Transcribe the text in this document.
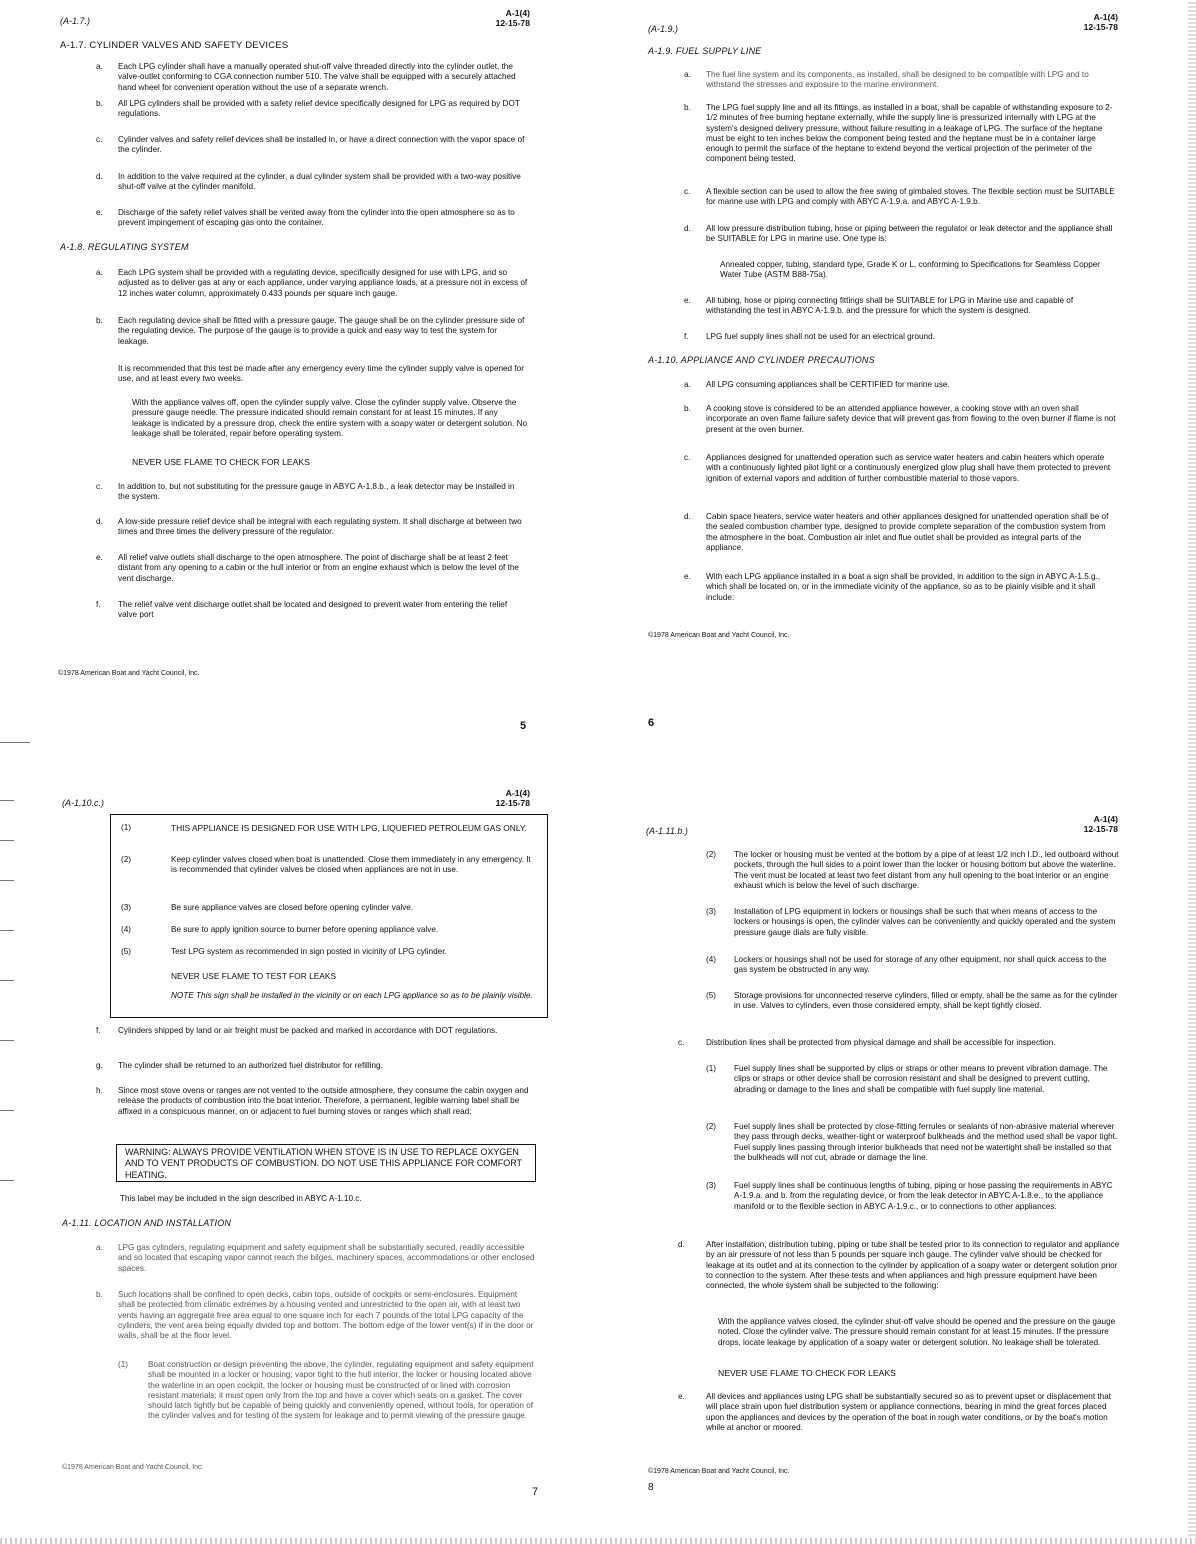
(A-1.7.)
A-1(4)
12-15-78
A-1.7. CYLINDER VALVES AND SAFETY DEVICES
a.	Each LPG cylinder shall have a manually operated shut-off valve threaded directly into the cylinder outlet, the valve-outlet conforming to CGA connection number 510. The valve shall be equipped with a securely attached hand wheel for convenient operation without the use of a separate wrench.
b.	All LPG cylinders shall be provided with a safety relief device specifically designed for LPG as required by DOT regulations.
c.	Cylinder valves and safety relief devices shall be installed in, or have a direct connection with the vapor space of the cylinder.
d.	In addition to the valve required at the cylinder, a dual cylinder system shall be provided with a two-way positive shut-off valve at the cylinder manifold.
e.	Discharge of the safety relief valves shall be vented away from the cylinder into the open atmosphere so as to prevent impingement of escaping gas onto the container.
A-1.8. REGULATING SYSTEM
a.	Each LPG system shall be provided with a regulating device, specifically designed for use with LPG, and so adjusted as to deliver gas at any or each appliance, under varying appliance loads, at a pressure not in excess of 12 inches water column, approximately 0.433 pounds per square inch gauge.
b.	Each regulating device shall be fitted with a pressure gauge. The gauge shall be on the cylinder pressure side of the regulating device. The purpose of the gauge is to provide a quick and easy way to test the system for leakage.
It is recommended that this test be made after any emergency every time the cylinder supply valve is opened for use, and at least every two weeks.
With the appliance valves off, open the cylinder supply valve. Close the cylinder supply valve. Observe the pressure gauge needle. The pressure indicated should remain constant for at least 15 minutes. If any leakage is indicated by a pressure drop, check the entire system with a soapy water or detergent solution. No leakage shall be tolerated, repair before operating system.
NEVER USE FLAME TO CHECK FOR LEAKS
c.	In addition to, but not substituting for the pressure gauge in ABYC A-1.8.b., a leak detector may be installed in the system.
d.	A low-side pressure relief device shall be integral with each regulating system. It shall discharge at between two times and three times the delivery pressure of the regulator.
e.	All relief valve outlets shall discharge to the open atmosphere. The point of discharge shall be at least 2 feet distant from any opening to a cabin or the hull interior or from an engine exhaust which is below the level of the vent discharge.
f.	The relief valve vent discharge outlet shall be located and designed to prevent water from entering the relief valve port
©1978 American Boat and Yacht Council, Inc.
5
(A-1.9.)
A-1(4)
12-15-78
A-1.9. FUEL SUPPLY LINE
a.	The fuel line system and its components, as installed, shall be designed to be compatible with LPG and to withstand the stresses and exposure to the marine environment.
b.	The LPG fuel supply line and all its fittings, as installed in a boat, shall be capable of withstanding exposure to 2-1/2 minutes of free burning heptane externally, while the supply line is pressurized internally with LPG at the system's designed delivery pressure, without failure resulting in a leakage of LPG. The surface of the heptane must be eight to ten inches below the component being tested and the heptane must be in a container large enough to permit the surface of the heptane to extend beyond the vertical projection of the perimeter of the component being tested.
c.	A flexible section can be used to allow the free swing of gimbaled stoves. The flexible section must be SUITABLE for marine use with LPG and comply with ABYC A-1.9.a. and ABYC A-1.9.b.
d.	All low pressure distribution tubing, hose or piping between the regulator or leak detector and the appliance shall be SUITABLE for LPG in marine use. One type is:
Annealed copper, tubing, standard type, Grade K or L, conforming to Specifications for Seamless Copper Water Tube (ASTM B88-75a).
e.	All tubing, hose or piping connecting fittings shall be SUITABLE for LPG in Marine use and capable of withstanding the test in ABYC A-1.9.b. and the pressure for which the system is designed.
f.	LPG fuel supply lines shall not be used for an electrical ground.
A-1.10. APPLIANCE AND CYLINDER PRECAUTIONS
a.	All LPG consuming appliances shall be CERTIFIED for marine use.
b.	A cooking stove is considered to be an attended appliance however, a cooking stove with an oven shall incorporate an oven flame failure safety device that will prevent gas from flowing to the oven burner if flame is not present at the oven burner.
c.	Appliances designed for unattended operation such as service water heaters and cabin heaters which operate with a continuously lighted pilot light or a continuously energized glow plug shall have them protected to prevent ignition of external vapors and addition of further combustible material to those vapors.
d.	Cabin space heaters, service water heaters and other appliances designed for unattended operation shall be of the sealed combustion chamber type, designed to provide complete separation of the combustion system from the atmosphere in the boat. Combustion air inlet and flue outlet shall be provided as integral parts of the appliance.
e.	With each LPG appliance installed in a boat a sign shall be provided, in addition to the sign in ABYC A-1.5.g., which shall be located on, or in the immediate vicinity of the appliance, so as to be plainly visible and it shall include:
©1978 American Boat and Yacht Council, Inc.
6
(A-1.10.c.)
A-1(4)
12-15-78
(1)	THIS APPLIANCE IS DESIGNED FOR USE WITH LPG, LIQUEFIED PETROLEUM GAS ONLY.
(2)	Keep cylinder valves closed when boat is unattended. Close them immediately in any emergency. It is recommended that cylinder valves be closed when appliances are not in use.
(3)	Be sure appliance valves are closed before opening cylinder valve.
(4)	Be sure to apply ignition source to burner before opening appliance valve.
(5)	Test LPG system as recommended in sign posted in vicinity of LPG cylinder.
NEVER USE FLAME TO TEST FOR LEAKS
NOTE This sign shall be installed in the vicinity or on each LPG appliance so as to be plainly visible.
f.	Cylinders shipped by land or air freight must be packed and marked in accordance with DOT regulations.
g.	The cylinder shall be returned to an authorized fuel distributor for refilling.
h.	Since most stove ovens or ranges are not vented to the outside atmosphere, they consume the cabin oxygen and release the products of combustion into the boat interior. Therefore, a permanent, legible warning label shall be affixed in a conspicuous manner, on or adjacent to fuel burning stoves or ranges which shall read:
WARNING: ALWAYS PROVIDE VENTILATION WHEN STOVE IS IN USE TO REPLACE OXYGEN AND TO VENT PRODUCTS OF COMBUSTION. DO NOT USE THIS APPLIANCE FOR COMFORT HEATING.
This label may be included in the sign described in ABYC A-1.10.c.
A-1.11. LOCATION AND INSTALLATION
a.	LPG gas cylinders, regulating equipment and safety equipment shall be substantially secured, readily accessible and so located that escaping vapor cannot reach the bilges, machinery spaces, accommodations or other enclosed spaces.
b.	Such locations shall be confined to open decks, cabin tops, outside of cockpits or semi-enclosures. Equipment shall be protected from climatic extremes by a housing vented and unrestricted to the open air, with at least two vents having an aggregate free area equal to one square inch for each 7 pounds of the total LPG capacity of the cylinders, the vent area being equally divided top and bottom. The bottom edge of the lower vent(s) if in the door or walls, shall be at the floor level.
(1)	Boat construction or design preventing the above, the cylinder, regulating equipment and safety equipment shall be mounted in a locker or housing; vapor tight to the hull interior, the locker or housing located above the waterline in an open cockpit, the locker or housing must be constructed of or lined with corrosion resistant materials; it must open only from the top and have a cover which seats on a gasket. The cover should latch tightly but be capable of being quickly and conveniently opened, without tools, for operation of the cylinder valves and for testing of the system for leakage and to permit viewing of the pressure gauge.
©1978 American Boat and Yacht Council, Inc.
7
(A-1.11.b.)
A-1(4)
12-15-78
(2)	The locker or housing must be vented at the bottom by a pipe of at least 1/2 inch I.D., led outboard without pockets, through the hull sides to a point lower than the locker or housing bottom but above the waterline. The vent must be located at least two feet distant from any hull opening to the boat interior or an engine exhaust which is below the level of such discharge.
(3)	Installation of LPG equipment in lockers or housings shall be such that when means of access to the lockers or housings is open, the cylinder valves can be conveniently and quickly operated and the system pressure gauge dials are fully visible.
(4)	Lockers or housings shall not be used for storage of any other equipment, nor shall quick access to the gas system be obstructed in any way.
(5)	Storage provisions for unconnected reserve cylinders, filled or empty, shall be the same as for the cylinder in use. Valves to cylinders, even those considered empty, shall be kept tightly closed.
c.	Distribution lines shall be protected from physical damage and shall be accessible for inspection.
(1)	Fuel supply lines shall be supported by clips or straps or other means to prevent vibration damage. The clips or straps or other device shall be corrosion resistant and shall be designed to prevent cutting, abrading or damage to the lines and shall be compatible with fuel supply line material.
(2)	Fuel supply lines shall be protected by close-fitting ferrules or sealants of non-abrasive material wherever they pass through decks, weather-tight or waterproof bulkheads and the method used shall be vapor tight. Fuel supply lines passing through interior bulkheads that need not be watertight shall be installed so that the bulkheads will not cut, abrade or damage the line.
(3)	Fuel supply lines shall be continuous lengths of tubing, piping or hose passing the requirements in ABYC A-1.9.a. and b. from the regulating device, or from the leak detector in ABYC A-1.8.e., to the appliance manifold or to the flexible section in ABYC A-1.9.c., or to connections to other appliances.
d.	After installation, distribution tubing, piping or tube shall be tested prior to its connection to regulator and appliance by an air pressure of not less than 5 pounds per square inch gauge. The cylinder valve should be checked for leakage at its outlet and at its connection to the cylinder by application of a soapy water or detergent solution prior to connection to the system. After these tests and when appliances and high pressure equipment have been connected, the whole system shall be subjected to the following:
With the appliance valves closed, the cylinder shut-off valve should be opened and the pressure on the gauge noted. Close the cylinder valve. The pressure should remain constant for at least 15 minutes. If the pressure drops, locate leakage by application of a soapy water or detergent solution. No leakage shall be tolerated.
NEVER USE FLAME TO CHECK FOR LEAKS
e.	All devices and appliances using LPG shall be substantially secured so as to prevent upset or displacement that will place strain upon fuel distribution system or appliance connections, bearing in mind the great forces placed upon the appliances and devices by the operation of the boat in rough water conditions, or by the boat's motion while at anchor or moored.
©1978 American Boat and Yacht Council, Inc.
8
